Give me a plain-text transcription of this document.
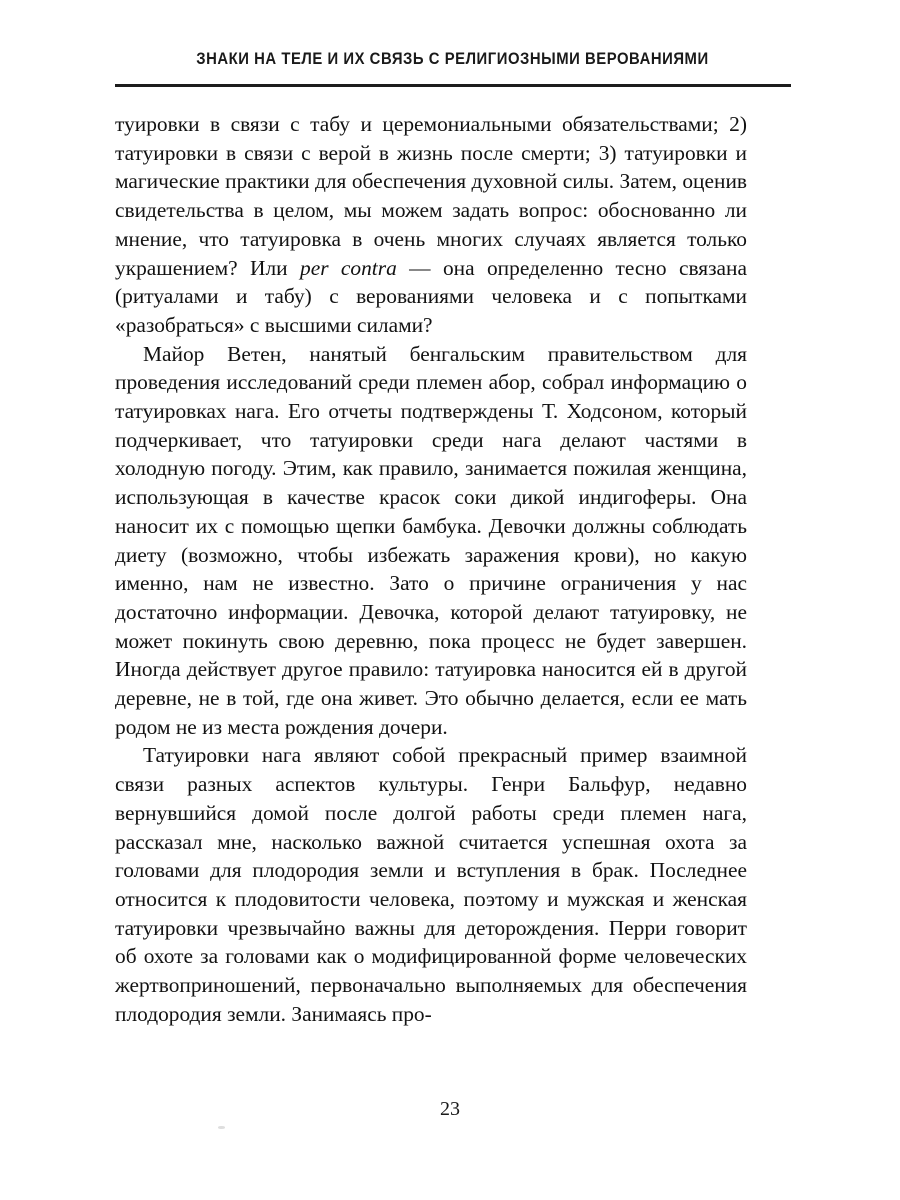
ЗНАКИ НА ТЕЛЕ И ИХ СВЯЗЬ С РЕЛИГИОЗНЫМИ ВЕРОВАНИЯМИ

туировки в связи с табу и церемониальными обязательствами; 2) татуировки в связи с верой в жизнь после смерти; 3) татуировки и магические практики для обеспечения духовной силы. Затем, оценив свидетельства в целом, мы можем задать вопрос: обоснованно ли мнение, что татуировка в очень многих случаях является только украшением? Или per contra — она определенно тесно связана (ритуалами и табу) с верованиями человека и с попытками «разобраться» с высшими силами?

Майор Ветен, нанятый бенгальским правительством для проведения исследований среди племен абор, собрал информацию о татуировках нага. Его отчеты подтверждены Т. Ходсоном, который подчеркивает, что татуировки среди нага делают частями в холодную погоду. Этим, как правило, занимается пожилая женщина, использующая в качестве красок соки дикой индигоферы. Она наносит их с помощью щепки бамбука. Девочки должны соблюдать диету (возможно, чтобы избежать заражения крови), но какую именно, нам не известно. Зато о причине ограничения у нас достаточно информации. Девочка, которой делают татуировку, не может покинуть свою деревню, пока процесс не будет завершен. Иногда действует другое правило: татуировка наносится ей в другой деревне, не в той, где она живет. Это обычно делается, если ее мать родом не из места рождения дочери.

Татуировки нага являют собой прекрасный пример взаимной связи разных аспектов культуры. Генри Бальфур, недавно вернувшийся домой после долгой работы среди племен нага, рассказал мне, насколько важной считается успешная охота за головами для плодородия земли и вступления в брак. Последнее относится к плодовитости человека, поэтому и мужская и женская татуировки чрезвычайно важны для деторождения. Перри говорит об охоте за головами как о модифицированной форме человеческих жертвоприношений, первоначально выполняемых для обеспечения плодородия земли. Занимаясь про-

23
